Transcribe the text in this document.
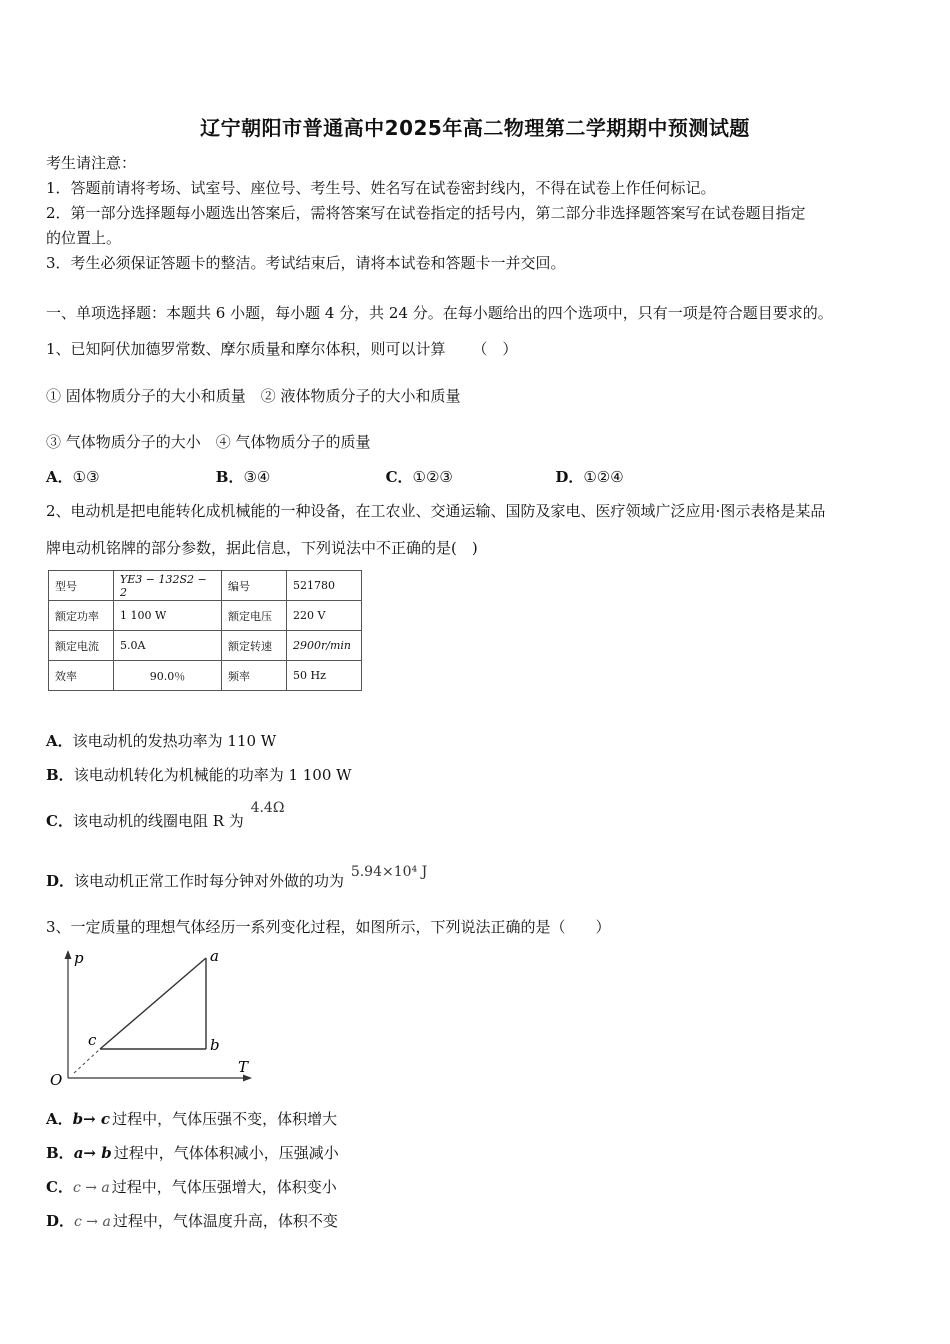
辽宁朝阳市普通高中2025年高二物理第二学期期中预测试题
考生请注意：
1．答题前请将考场、试室号、座位号、考生号、姓名写在试卷密封线内，不得在试卷上作任何标记。
2．第一部分选择题每小题选出答案后，需将答案写在试卷指定的括号内，第二部分非选择题答案写在试卷题目指定
的位置上。
3．考生必须保证答题卡的整洁。考试结束后，请将本试卷和答题卡一并交回。
一、单项选择题：本题共 6 小题，每小题 4 分，共 24 分。在每小题给出的四个选项中，只有一项是符合题目要求的。
1、已知阿伏加德罗常数、摩尔质量和摩尔体积，则可以计算 （　）
① 固体物质分子的大小和质量　② 液体物质分子的大小和质量
③ 气体物质分子的大小　④ 气体物质分子的质量
A．①③	B．③④	C．①②③	D．①②④
2、电动机是把电能转化成机械能的一种设备，在工农业、交通运输、国防及家电、医疗领域广泛应用·图示表格是某品
牌电动机铭牌的部分参数，据此信息，下列说法中不正确的是(　)
型号	YE3 − 132S2 − 2	编号	521780
额定功率	1 100 W	额定电压	220 V
额定电流	5.0A	额定转速	2900r/min
效率	90.0％	频率	50 Hz
A．该电动机的发热功率为 110 W
B．该电动机转化为机械能的功率为 1 100 W
C．该电动机的线圈电阻 R 为 4.4Ω
D．该电动机正常工作时每分钟对外做的功为 5.94×10⁴ J
3、一定质量的理想气体经历一系列变化过程，如图所示，下列说法正确的是（　　）
p
T
O
a
b
c
A．b→ c 过程中，气体压强不变，体积增大
B．a→ b 过程中，气体体积减小，压强减小
C．c → a 过程中，气体压强增大，体积变小
D．c → a 过程中，气体温度升高，体积不变
